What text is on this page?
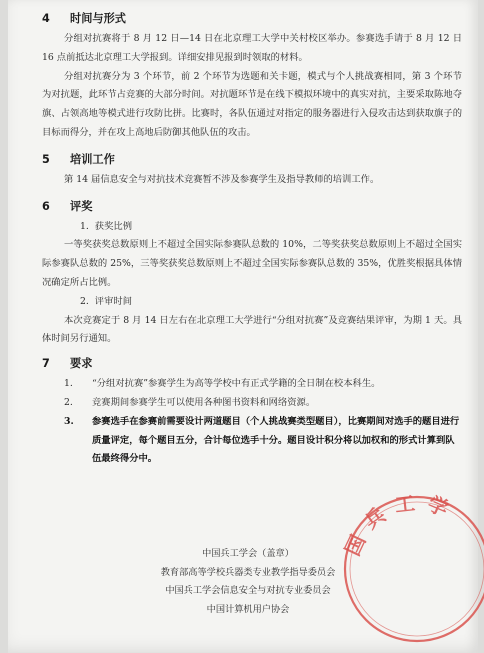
4 时间与形式
分组对抗赛将于 8 月 12 日—14 日在北京理工大学中关村校区举办。参赛选手请于 8 月 12 日 16 点前抵达北京理工大学报到。详细安排见报到时领取的材料。
分组对抗赛分为 3 个环节，前 2 个环节为选题和关卡题，模式与个人挑战赛相同，第 3 个环节为对抗题，此环节占竞赛的大部分时间。对抗题环节是在线下模拟环境中的真实对抗，主要采取陈地夺旗、占领高地等模式进行攻防比拼。比赛时，各队伍通过对指定的服务器进行入侵攻击达到获取旗子的目标而得分，并在攻上高地后防御其他队伍的攻击。
5 培训工作
第 14 届信息安全与对抗技术竞赛暂不涉及参赛学生及指导教师的培训工作。
6 评奖
1. 获奖比例
一等奖获奖总数原则上不超过全国实际参赛队总数的 10%，二等奖获奖总数原则上不超过全国实际参赛队总数的 25%，三等奖获奖总数原则上不超过全国实际参赛队总数的 35%，优胜奖根据具体情况确定所占比例。
2. 评审时间
本次竞赛定于 8 月 14 日左右在北京理工大学进行“分组对抗赛”及竞赛结果评审，为期 1 天。具体时间另行通知。
7 要求
1.	“分组对抗赛”参赛学生为高等学校中有正式学籍的全日制在校本科生。
2.	竞赛期间参赛学生可以使用各种图书资料和网络资源。
3.	参赛选手在参赛前需要设计两道题目（个人挑战赛类型题目），比赛期间对选手的题目进行质量评定，每个题目五分，合计每位选手十分。题目设计积分将以加权和的形式计算到队伍最终得分中。
国兵工学
中国兵工学会（盖章）
教育部高等学校兵器类专业教学指导委员会
中国兵工学会信息安全与对抗专业委员会
中国计算机用户协会
